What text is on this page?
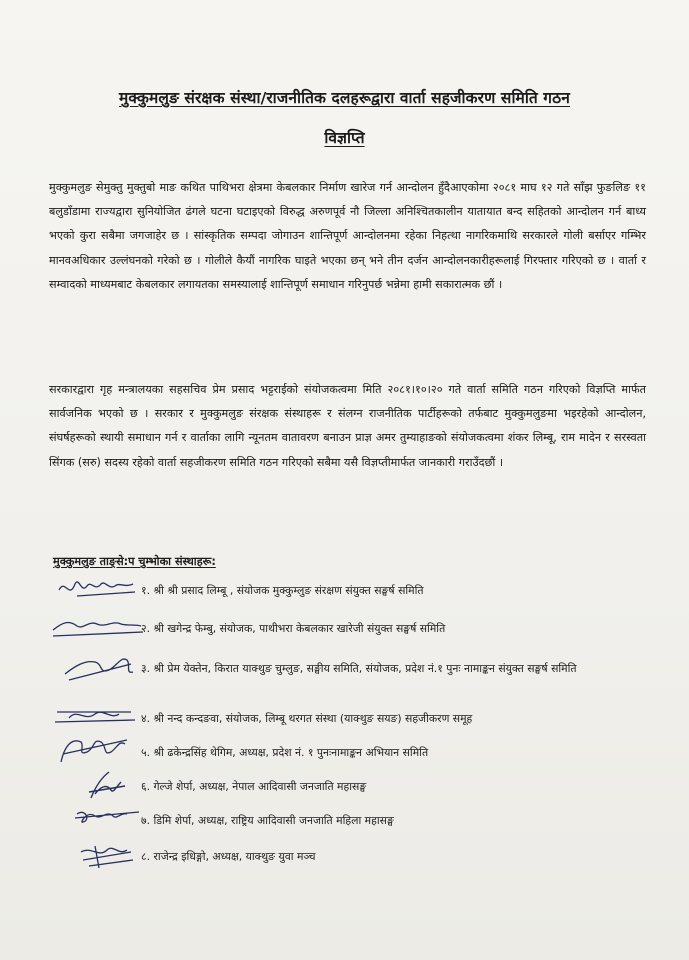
मुक्कुमलुङ संरक्षक संस्था/राजनीतिक दलहरूद्वारा वार्ता सहजीकरण समिति गठन
विज्ञप्ति

मुक्कुमलुङ सेमुक्तु मुक्तुबो माङ कथित पाथिभरा क्षेत्रमा केबलकार निर्माण खारेज गर्न आन्दोलन हुँदैआएकोमा २०८१ माघ १२ गते साँझ फुङलिङ ११ बलुडाँडामा राज्यद्वारा सुनियोजित ढंगले घटना घटाइएको विरुद्ध अरुणपूर्व नौ जिल्ला अनिश्चितकालीन यातायात बन्द सहितको आन्दोलन गर्न बाध्य भएको कुरा सबैमा जगजाहेर छ । सांस्कृतिक सम्पदा जोगाउन शान्तिपूर्ण आन्दोलनमा रहेका निहत्था नागरिकमाथि सरकारले गोली बर्साएर गम्भिर मानवअधिकार उल्लंघनको गरेको छ । गोलीले कैयौं नागरिक घाइते भएका छन् भने तीन दर्जन आन्दोलनकारीहरूलाई गिरफ्तार गरिएको छ । वार्ता र सम्वादको माध्यमबाट केबलकार लगायतका समस्यालाई शान्तिपूर्ण समाधान गरिनुपर्छ भन्नेमा हामी सकारात्मक छौं ।

सरकारद्वारा गृह मन्त्रालयका सहसचिव प्रेम प्रसाद भट्टराईको संयोजकत्वमा मिति २०८१।१०।२० गते वार्ता समिति गठन गरिएको विज्ञप्ति मार्फत सार्वजनिक भएको छ । सरकार र मुक्कुमलुङ संरक्षक संस्थाहरू र संलग्न राजनीतिक पार्टीहरूको तर्फबाट मुक्कुमलुङमा भइरहेको आन्दोलन, संघर्षहरूको स्थायी समाधान गर्न र वार्ताका लागि न्यूनतम वातावरण बनाउन प्राज्ञ अमर तुम्याहाङको संयोजकत्वमा शंकर लिम्बू, राम मादेन र सरस्वता सिंगक (सरु) सदस्य रहेको वार्ता सहजीकरण समिति गठन गरिएको सबैमा यसै विज्ञप्तीमार्फत जानकारी गराउँदछौं ।

मुक्कुमलुङ ताङ्से:प चुम्भोका संस्थाहरू:
१. श्री श्री प्रसाद लिम्बू , संयोजक मुक्कुम्लुङ संरक्षण संयुक्त सङ्घर्ष समिति
२. श्री खगेन्द्र फेम्बु, संयोजक, पाथीभरा केबलकार खारेजी संयुक्त सङ्घर्ष समिति
३. श्री प्रेम येक्तेन, किरात याक्थुङ चुम्लुङ, सङ्घीय समिति, संयोजक, प्रदेश नं.१ पुनः नामाङ्कन संयुक्त सङ्घर्ष समिति
४. श्री नन्द कन्दङवा, संयोजक, लिम्बू थरगत संस्था (याक्थुङ सयङ) सहजीकरण समूह
५. श्री ढकेन्द्रसिंह थेगिम, अध्यक्ष, प्रदेश नं. १ पुनःनामाङ्कन अभियान समिति
६. गेल्जे शेर्पा, अध्यक्ष, नेपाल आदिवासी जनजाति महासङ्घ
७. डिमि शेर्पा, अध्यक्ष, राष्ट्रिय आदिवासी जनजाति महिला महासङ्घ
८. राजेन्द्र इधिङ्गो, अध्यक्ष, याक्थुङ युवा मञ्च
